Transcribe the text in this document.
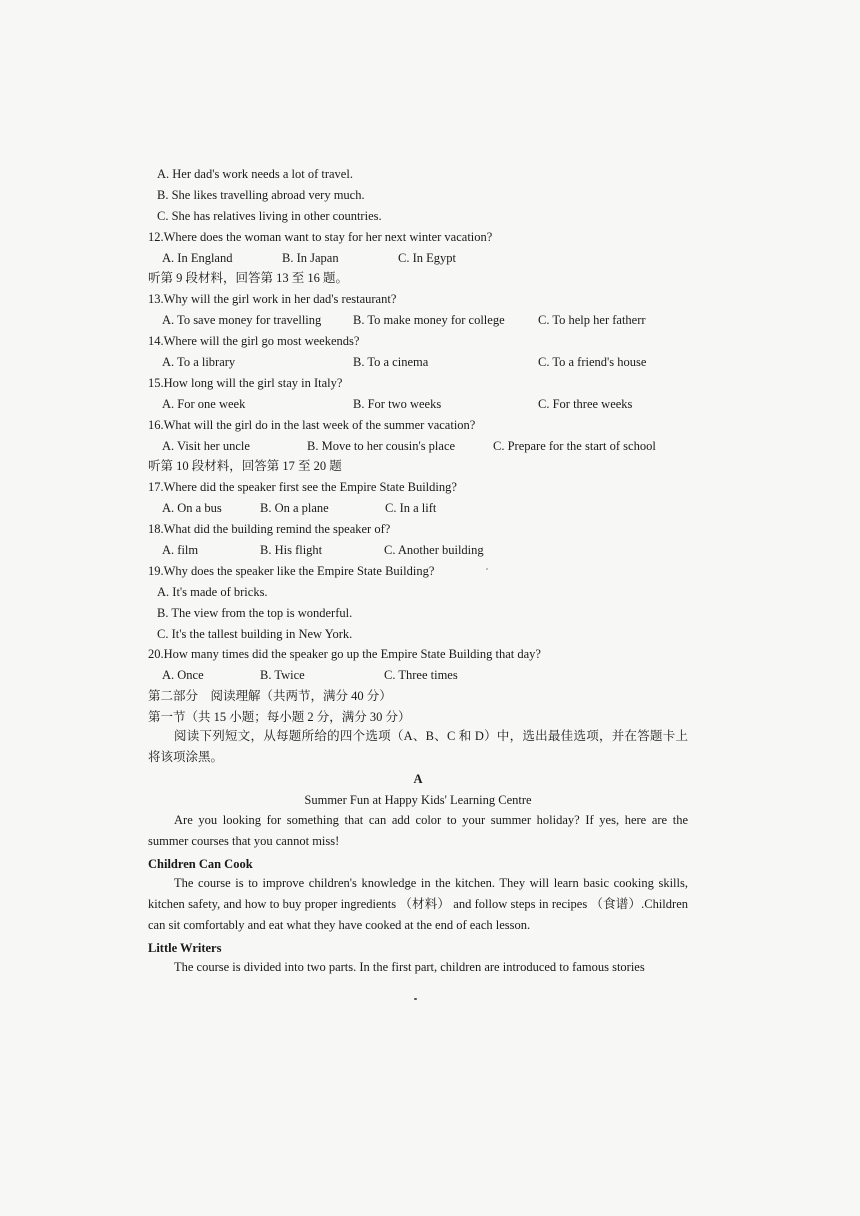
A. Her dad's work needs a lot of travel.
B. She likes travelling abroad very much.
C. She has relatives living in other countries.
12.Where does the woman want to stay for her next winter vacation?
A. In England	B. In Japan	C. In Egypt
听第 9 段材料，回答第 13 至 16 题。
13.Why will the girl work in her dad's restaurant?
A. To save money for travelling	B. To make money for college	C. To help her fatherr
14.Where will the girl go most weekends?
A. To a library	B. To a cinema	C. To a friend's house
15.How long will the girl stay in Italy?
A. For one week	B. For two weeks	C. For three weeks
16.What will the girl do in the last week of the summer vacation?
A. Visit her uncle	B. Move to her cousin's place	C. Prepare for the start of school
听第 10 段材料，回答第 17 至 20 题
17.Where did the speaker first see the Empire State Building?
A. On a bus	B. On a plane	C. In a lift
18.What did the building remind the speaker of?
A. film	B. His flight	C. Another building
19.Why does the speaker like the Empire State Building?
A. It's made of bricks.
B. The view from the top is wonderful.
C. It's the tallest building in New York.
20.How many times did the speaker go up the Empire State Building that day?
A. Once	B. Twice	C. Three times
第二部分　阅读理解（共两节，满分 40 分）
第一节（共 15 小题；每小题 2 分，满分 30 分）
阅读下列短文，从每题所给的四个选项（A、B、C 和 D）中，选出最佳选项，并在答题卡上将该项涂黑。
A
Summer Fun at Happy Kids' Learning Centre
Are you looking for something that can add color to your summer holiday? If yes, here are the summer courses that you cannot miss!
Children Can Cook
The course is to improve children's knowledge in the kitchen. They will learn basic cooking skills, kitchen safety, and how to buy proper ingredients （材料） and follow steps in recipes （食谱）.Children can sit comfortably and eat what they have cooked at the end of each lesson.
Little Writers
The course is divided into two parts. In the first part, children are introduced to famous stories
